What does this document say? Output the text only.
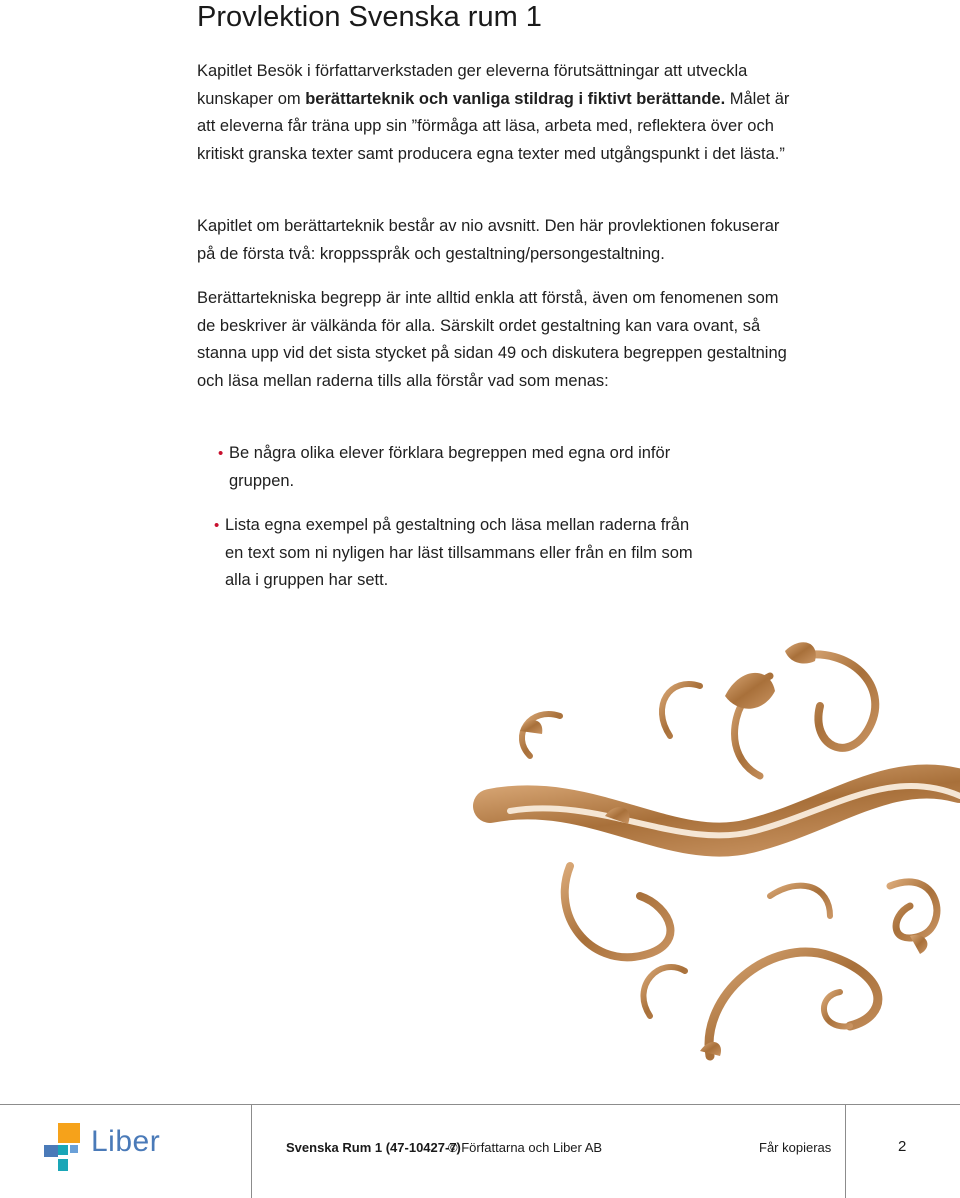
Provlektion Svenska rum 1

Kapitlet Besök i författarverkstaden ger eleverna förutsättningar att utveckla kunskaper om berättarteknik och vanliga stildrag i fiktivt berättande. Målet är att eleverna får träna upp sin ”förmåga att läsa, arbeta med, reflektera över och kritiskt granska texter samt producera egna texter med utgångspunkt i det lästa.”

Kapitlet om berättarteknik består av nio avsnitt. Den här provlektionen fokuserar på de första två: kroppsspråk och gestaltning/persongestaltning.

Berättartekniska begrepp är inte alltid enkla att förstå, även om fenomenen som de beskriver är välkända för alla. Särskilt ordet gestaltning kan vara ovant, så stanna upp vid det sista stycket på sidan 49 och diskutera begreppen gestaltning och läsa mellan raderna tills alla förstår vad som menas:

• Be några olika elever förklara begreppen med egna ord inför gruppen.
• Lista egna exempel på gestaltning och läsa mellan raderna från en text som ni nyligen har läst tillsammans eller från en film som alla i gruppen har sett.
Liber	Svenska Rum 1 (47-10427-7)
© Författarna och Liber AB	Får kopieras	2
